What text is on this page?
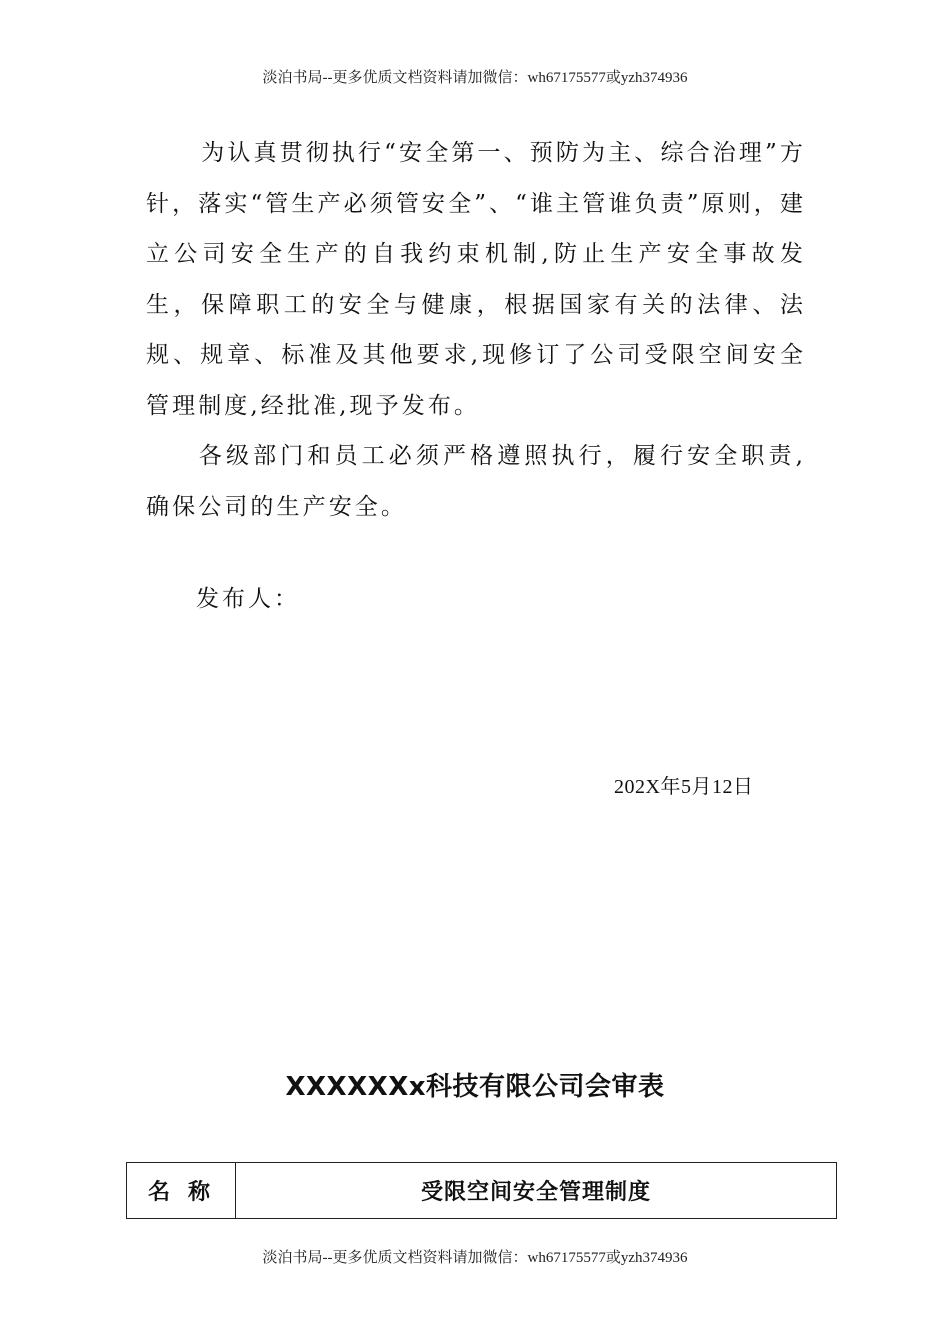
淡泊书局--更多优质文档资料请加微信：wh67175577或yzh374936

为认真贯彻执行“安全第一、预防为主、综合治理”方针，落实“管生产必须管安全”、“谁主管谁负责”原则，建立公司安全生产的自我约束机制,防止生产安全事故发生，保障职工的安全与健康，根据国家有关的法律、法规、规章、标准及其他要求,现修订了公司受限空间安全管理制度,经批准,现予发布。

各级部门和员工必须严格遵照执行，履行安全职责,确保公司的生产安全。

发布人：
202X年5月12日
XXXXXXx科技有限公司会审表
名称	受限空间安全管理制度
淡泊书局--更多优质文档资料请加微信：wh67175577或yzh374936
